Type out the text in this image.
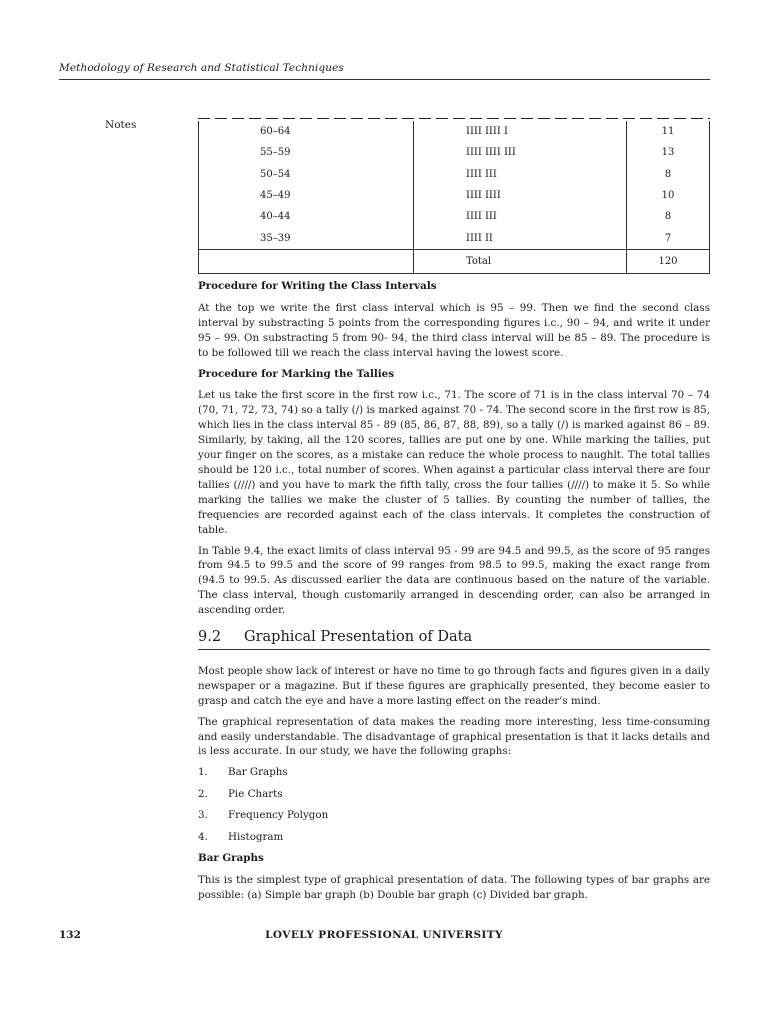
Methodology of Research and Statistical Techniques
Notes
60–64	IIII IIII I	11
55–59	IIII IIII III	13
50–54	IIII III	8
45–49	IIII IIII	10
40–44	IIII III	8
35–39	IIII II	7
	Total	120
Procedure for Writing the Class Intervals

At the top we write the first class interval which is 95 – 99. Then we find the second class interval by substracting 5 points from the corresponding figures i.c., 90 – 94, and write it under 95 – 99. On substracting 5 from 90- 94, the third class interval will be 85 – 89. The procedure is to be followed till we reach the class interval having the lowest score.

Procedure for Marking the Tallies

Let us take the first score in the first row i.c., 71. The score of 71 is in the class interval 70 – 74 (70, 71, 72, 73, 74) so a tally (/) is marked against 70 - 74. The second score in the first row is 85, which lies in the class interval 85 - 89 (85, 86, 87, 88, 89), so a tally (/) is marked against 86 – 89. Similarly, by taking, all the 120 scores, tallies are put one by one. While marking the tallies, put your finger on the scores, as a mistake can reduce the whole process to naughlt. The total tallies should be 120 i.c., total number of scores. When against a particular class interval there are four tallies (////) and you have to mark the fifth tally, cross the four tallies (////) to make it 5. So while marking the tallies we make the cluster of 5 tallies. By counting the number of tallies, the frequencies are recorded against each of the class intervals. It completes the construction of table.

In Table 9.4, the exact limits of class interval 95 - 99 are 94.5 and 99.5, as the score of 95 ranges from 94.5 to 99.5 and the score of 99 ranges from 98.5 to 99.5, making the exact range from (94.5 to 99.5. As discussed earlier the data are continuous based on the nature of the variable. The class interval, though customarily arranged in descending order, can also be arranged in ascending order.

9.2	Graphical Presentation of Data

Most people show lack of interest or have no time to go through facts and figures given in a daily newspaper or a magazine. But if these figures are graphically presented, they become easier to grasp and catch the eye and have a more lasting effect on the reader’s mind.

The graphical representation of data makes the reading more interesting, less time-consuming and easily understandable. The disadvantage of graphical presentation is that it lacks details and is less accurate. In our study, we have the following graphs:

1.	Bar Graphs
2.	Pie Charts
3.	Frequency Polygon
4.	Histogram
Bar Graphs

This is the simplest type of graphical presentation of data. The following types of bar graphs are possible: (a) Simple bar graph (b) Double bar graph (c) Divided bar graph.

132	LOVELY PROFESSIONAL UNIVERSITY
